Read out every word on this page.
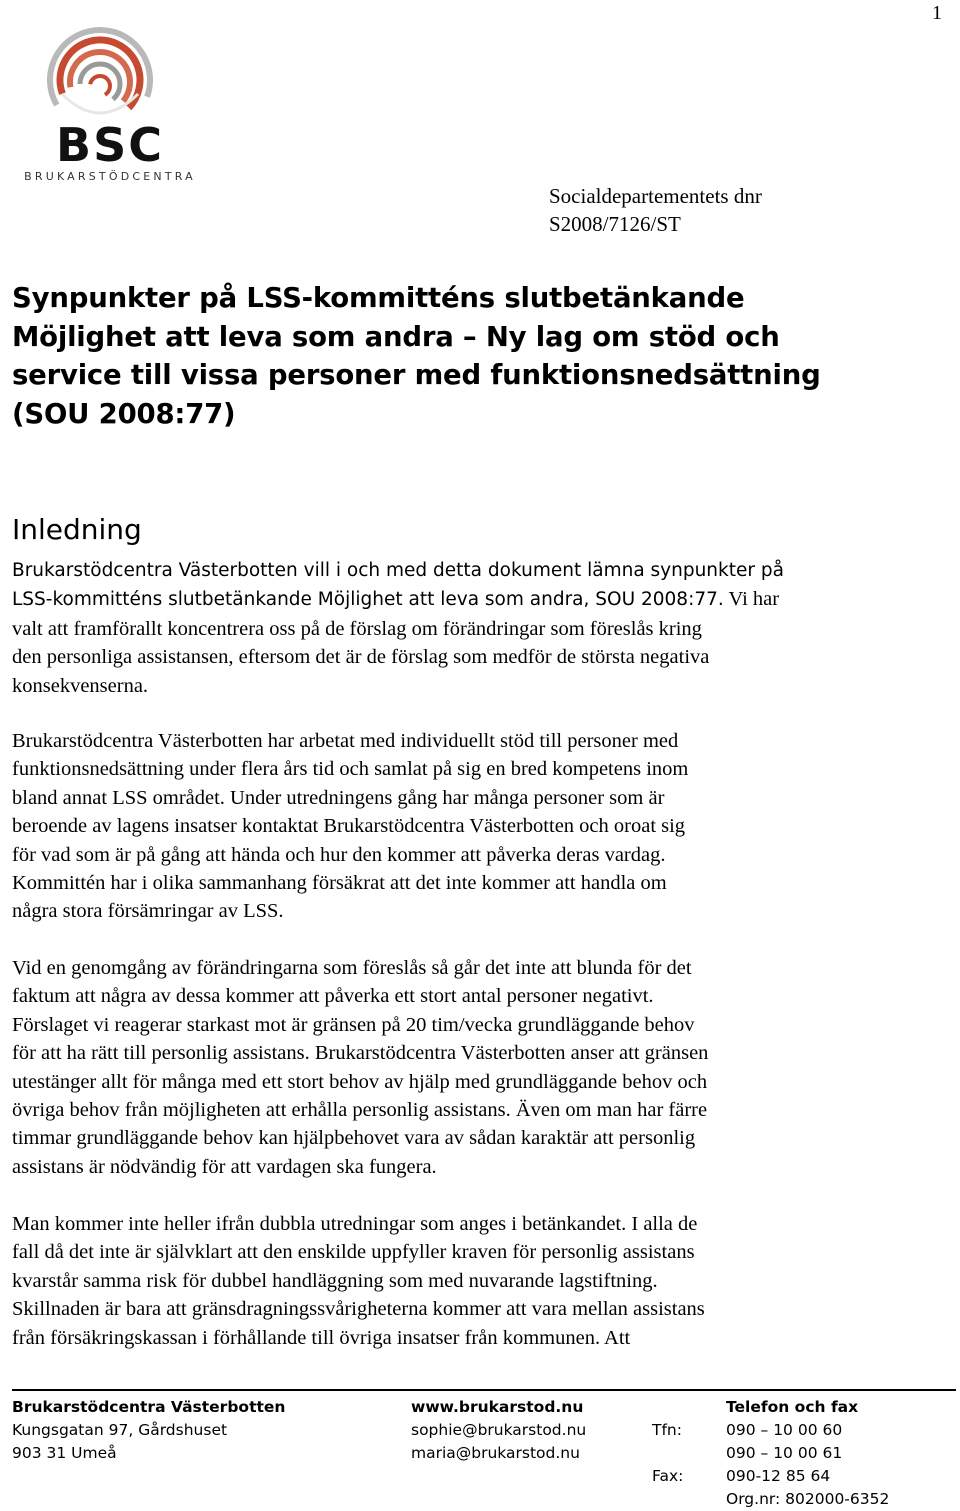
1
BSC
BRUKARSTÖDCENTRA
Socialdepartementets dnr
S2008/7126/ST
Synpunkter på LSS-kommitténs slutbetänkande
Möjlighet att leva som andra – Ny lag om stöd och
service till vissa personer med funktionsnedsättning
(SOU 2008:77)
Inledning
Brukarstödcentra Västerbotten vill i och med detta dokument lämna synpunkter på
LSS-kommitténs slutbetänkande Möjlighet att leva som andra, SOU 2008:77. Vi har
valt att framförallt koncentrera oss på de förslag om förändringar som föreslås kring
den personliga assistansen, eftersom det är de förslag som medför de största negativa
konsekvenserna.
Brukarstödcentra Västerbotten har arbetat med individuellt stöd till personer med
funktionsnedsättning under flera års tid och samlat på sig en bred kompetens inom
bland annat LSS området. Under utredningens gång har många personer som är
beroende av lagens insatser kontaktat Brukarstödcentra Västerbotten och oroat sig
för vad som är på gång att hända och hur den kommer att påverka deras vardag.
Kommittén har i olika sammanhang försäkrat att det inte kommer att handla om
några stora försämringar av LSS.
Vid en genomgång av förändringarna som föreslås så går det inte att blunda för det
faktum att några av dessa kommer att påverka ett stort antal personer negativt.
Förslaget vi reagerar starkast mot är gränsen på 20 tim/vecka grundläggande behov
för att ha rätt till personlig assistans. Brukarstödcentra Västerbotten anser att gränsen
utestänger allt för många med ett stort behov av hjälp med grundläggande behov och
övriga behov från möjligheten att erhålla personlig assistans. Även om man har färre
timmar grundläggande behov kan hjälpbehovet vara av sådan karaktär att personlig
assistans är nödvändig för att vardagen ska fungera.
Man kommer inte heller ifrån dubbla utredningar som anges i betänkandet. I alla de
fall då det inte är självklart att den enskilde uppfyller kraven för personlig assistans
kvarstår samma risk för dubbel handläggning som med nuvarande lagstiftning.
Skillnaden är bara att gränsdragningssvårigheterna kommer att vara mellan assistans
från försäkringskassan i förhållande till övriga insatser från kommunen. Att
Brukarstödcentra Västerbotten
Kungsgatan 97, Gårdshuset
903 31 Umeå
www.brukarstod.nu
sophie@brukarstod.nu
maria@brukarstod.nu
Tfn:
Fax:
Telefon och fax
090 – 10 00 60
090 – 10 00 61
090-12 85 64
Org.nr: 802000-6352
